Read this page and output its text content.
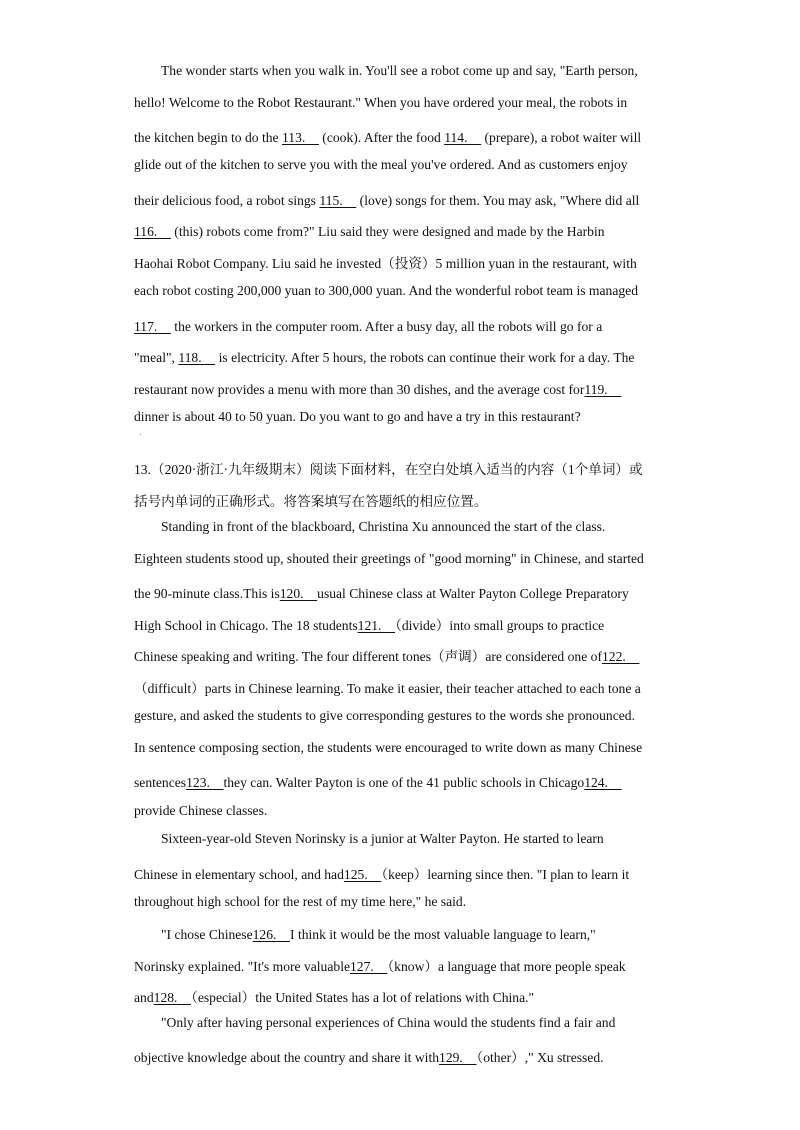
The wonder starts when you walk in. You'll see a robot come up and say, "Earth person,
hello! Welcome to the Robot Restaurant." When you have ordered your meal, the robots in
the kitchen begin to do the 113.　 (cook). After the food 114.　 (prepare), a robot waiter will
glide out of the kitchen to serve you with the meal you've ordered. And as customers enjoy
their delicious food, a robot sings 115.　 (love) songs for them. You may ask, "Where did all
116.　 (this) robots come from?" Liu said they were designed and made by the Harbin
Haohai Robot Company. Liu said he invested（投资）5 million yuan in the restaurant, with
each robot costing 200,000 yuan to 300,000 yuan. And the wonderful robot team is managed
117.　 the workers in the computer room. After a busy day, all the robots will go for a
"meal", 118.　 is electricity. After 5 hours, the robots can continue their work for a day. The
restaurant now provides a menu with more than 30 dishes, and the average cost for119.　
dinner is about 40 to 50 yuan. Do you want to go and have a try in this restaurant?
'
13.（2020·浙江·九年级期末）阅读下面材料，在空白处填入适当的内容（1个单词）或
括号内单词的正确形式。将答案填写在答题纸的相应位置。
Standing in front of the blackboard, Christina Xu announced the start of the class.
Eighteen students stood up, shouted their greetings of "good morning" in Chinese, and started
the 90-minute class.This is120.　usual Chinese class at Walter Payton College Preparatory
High School in Chicago. The 18 students121.　（divide）into small groups to practice
Chinese speaking and writing. The four different tones（声调）are considered one of122.　
（difficult）parts in Chinese learning. To make it easier, their teacher attached to each tone a
gesture, and asked the students to give corresponding gestures to the words she pronounced.
In sentence composing section, the students were encouraged to write down as many Chinese
sentences123.　they can. Walter Payton is one of the 41 public schools in Chicago124.　
provide Chinese classes.
Sixteen-year-old Steven Norinsky is a junior at Walter Payton. He started to learn
Chinese in elementary school, and had125.　（keep）learning since then. "I plan to learn it
throughout high school for the rest of my time here," he said.
"I chose Chinese126.　I think it would be the most valuable language to learn,"
Norinsky explained. "It's more valuable127.　（know）a language that more people speak
and128.　（especial）the United States has a lot of relations with China."
"Only after having personal experiences of China would the students find a fair and
objective knowledge about the country and share it with129.　（other）," Xu stressed.
